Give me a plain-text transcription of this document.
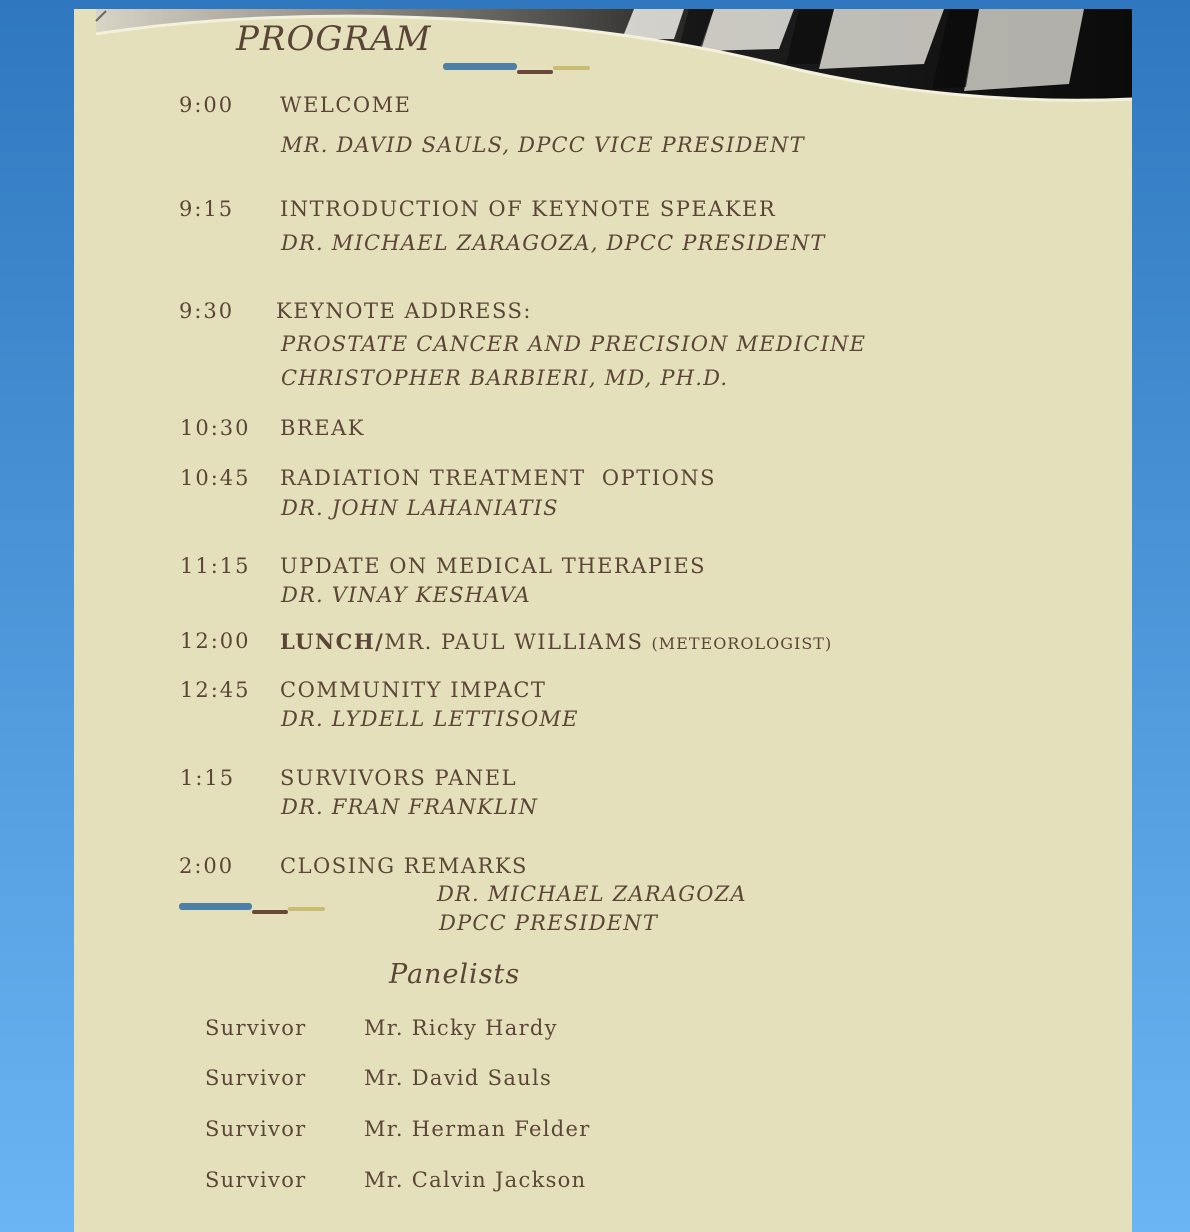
PROGRAM
9:00 WELCOME
MR. DAVID SAULS, DPCC VICE PRESIDENT
9:15 INTRODUCTION OF KEYNOTE SPEAKER
DR. MICHAEL ZARAGOZA, DPCC PRESIDENT
9:30 KEYNOTE ADDRESS:
PROSTATE CANCER AND PRECISION MEDICINE
CHRISTOPHER BARBIERI, MD, PH.D.
10:30 BREAK
10:45 RADIATION TREATMENT  OPTIONS
DR. JOHN LAHANIATIS
11:15 UPDATE ON MEDICAL THERAPIES
DR. VINAY KESHAVA
12:00 LUNCH/MR. PAUL WILLIAMS (METEOROLOGIST)
12:45 COMMUNITY IMPACT
DR. LYDELL LETTISOME
1:15 SURVIVORS PANEL
DR. FRAN FRANKLIN
2:00 CLOSING REMARKS
DR. MICHAEL ZARAGOZA
DPCC PRESIDENT
Panelists
Survivor	Mr. Ricky Hardy
Survivor	Mr. David Sauls
Survivor	Mr. Herman Felder
Survivor	Mr. Calvin Jackson
